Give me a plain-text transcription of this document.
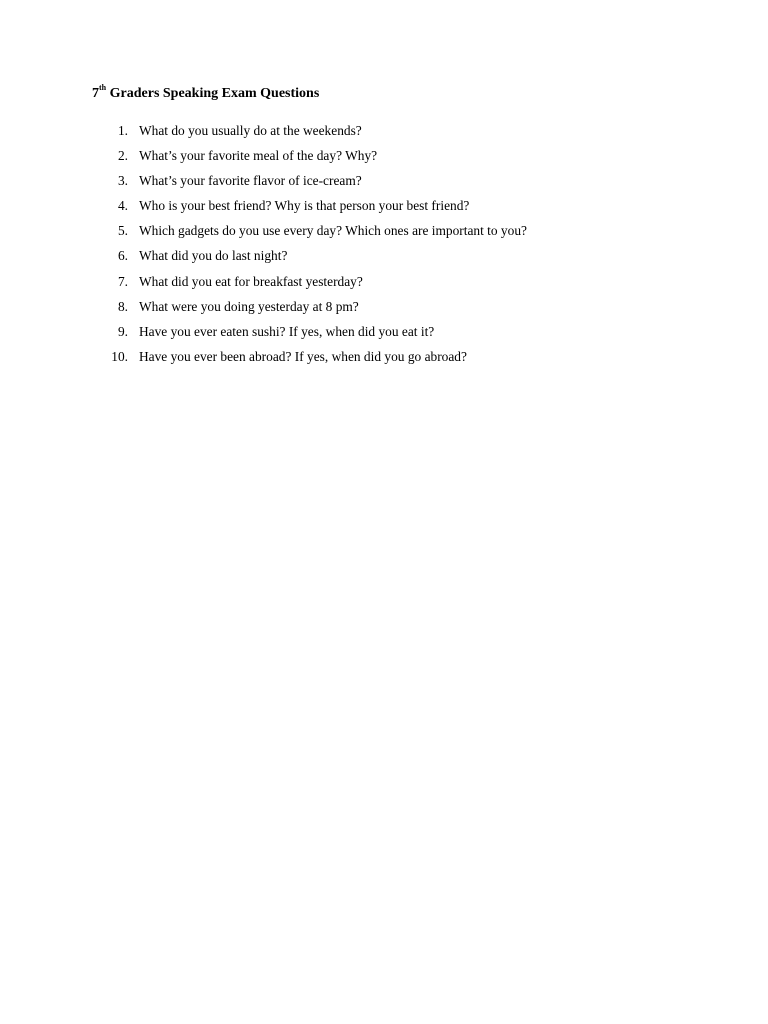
7th Graders Speaking Exam Questions
1. What do you usually do at the weekends?
2. What’s your favorite meal of the day? Why?
3. What’s your favorite flavor of ice-cream?
4. Who is your best friend? Why is that person your best friend?
5. Which gadgets do you use every day? Which ones are important to you?
6. What did you do last night?
7. What did you eat for breakfast yesterday?
8. What were you doing yesterday at 8 pm?
9. Have you ever eaten sushi? If yes, when did you eat it?
10. Have you ever been abroad? If yes, when did you go abroad?
